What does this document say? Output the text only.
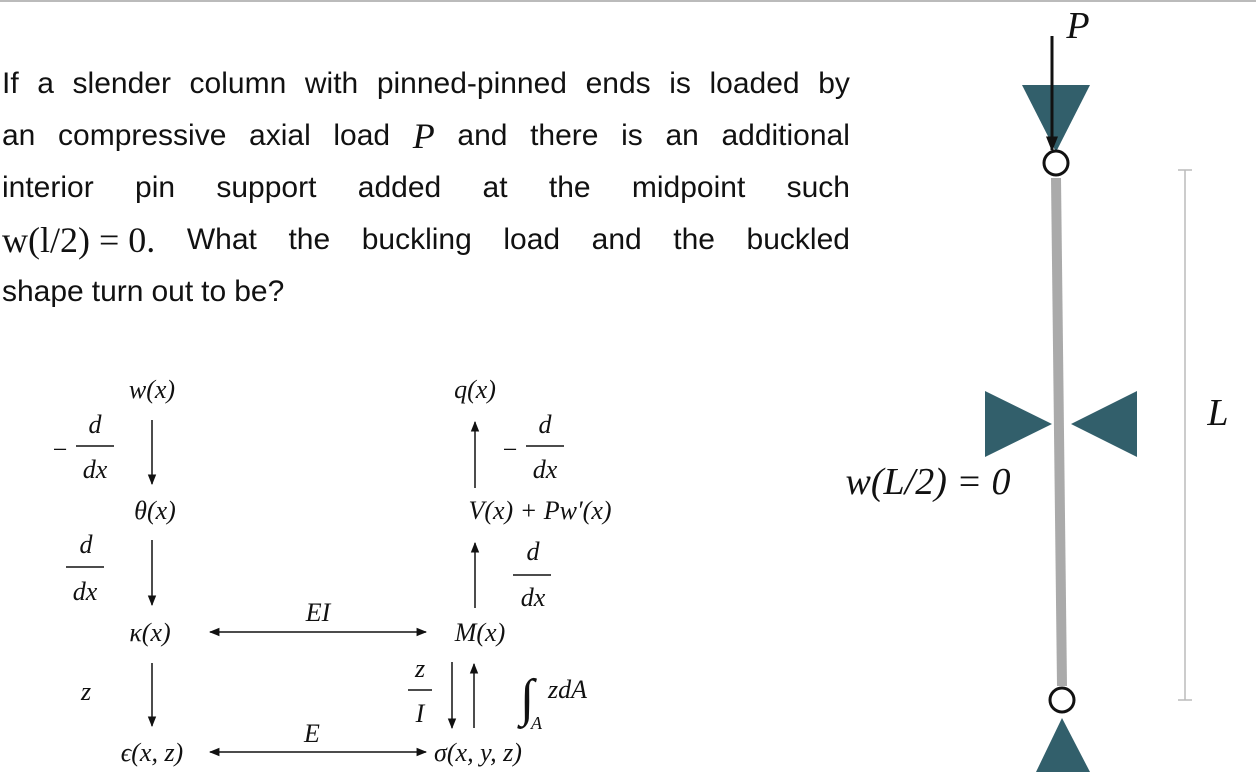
If a slender column with pinned-pinned ends is loaded by
an compressive axial load P and there is an additional
interior pin support added at the midpoint such
w(l/2) = 0. What the buckling load and the buckled
shape turn out to be?
w(x)
θ(x)
κ(x)
ϵ(x, z)
q(x)
V(x) + Pw′(x)
M(x)
σ(x, y, z)
−
d
dx
d
dx
z
−
d
dx
d
dx
z
I ∫
A
zdA
EI
E
L
P
w(L/2) = 0
